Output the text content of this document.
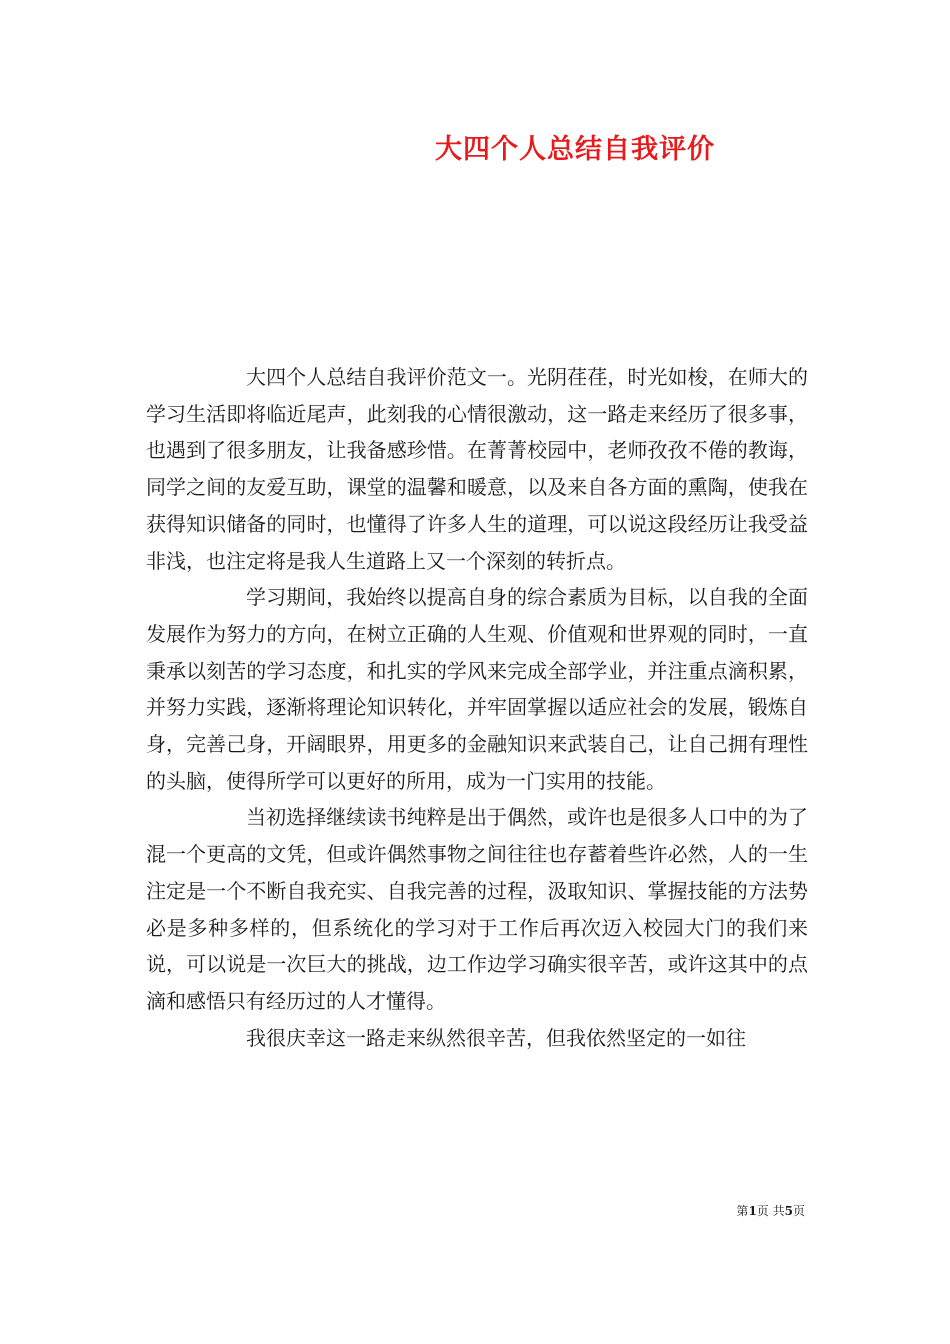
大四个人总结自我评价

大四个人总结自我评价范文一。光阴荏荏，时光如梭，在师大的学习生活即将临近尾声，此刻我的心情很激动，这一路走来经历了很多事，也遇到了很多朋友，让我备感珍惜。在菁菁校园中，老师孜孜不倦的教诲，同学之间的友爱互助，课堂的温馨和暖意，以及来自各方面的熏陶，使我在获得知识储备的同时，也懂得了许多人生的道理，可以说这段经历让我受益非浅，也注定将是我人生道路上又一个深刻的转折点。

学习期间，我始终以提高自身的综合素质为目标，以自我的全面发展作为努力的方向，在树立正确的人生观、价值观和世界观的同时，一直秉承以刻苦的学习态度，和扎实的学风来完成全部学业，并注重点滴积累，并努力实践，逐渐将理论知识转化，并牢固掌握以适应社会的发展，锻炼自身，完善己身，开阔眼界，用更多的金融知识来武装自己，让自己拥有理性的头脑，使得所学可以更好的所用，成为一门实用的技能。

当初选择继续读书纯粹是出于偶然，或许也是很多人口中的为了混一个更高的文凭，但或许偶然事物之间往往也存蓄着些许必然，人的一生注定是一个不断自我充实、自我完善的过程，汲取知识、掌握技能的方法势必是多种多样的，但系统化的学习对于工作后再次迈入校园大门的我们来说，可以说是一次巨大的挑战，边工作边学习确实很辛苦，或许这其中的点滴和感悟只有经历过的人才懂得。

我很庆幸这一路走来纵然很辛苦，但我依然坚定的一如往

第1页 共5页
